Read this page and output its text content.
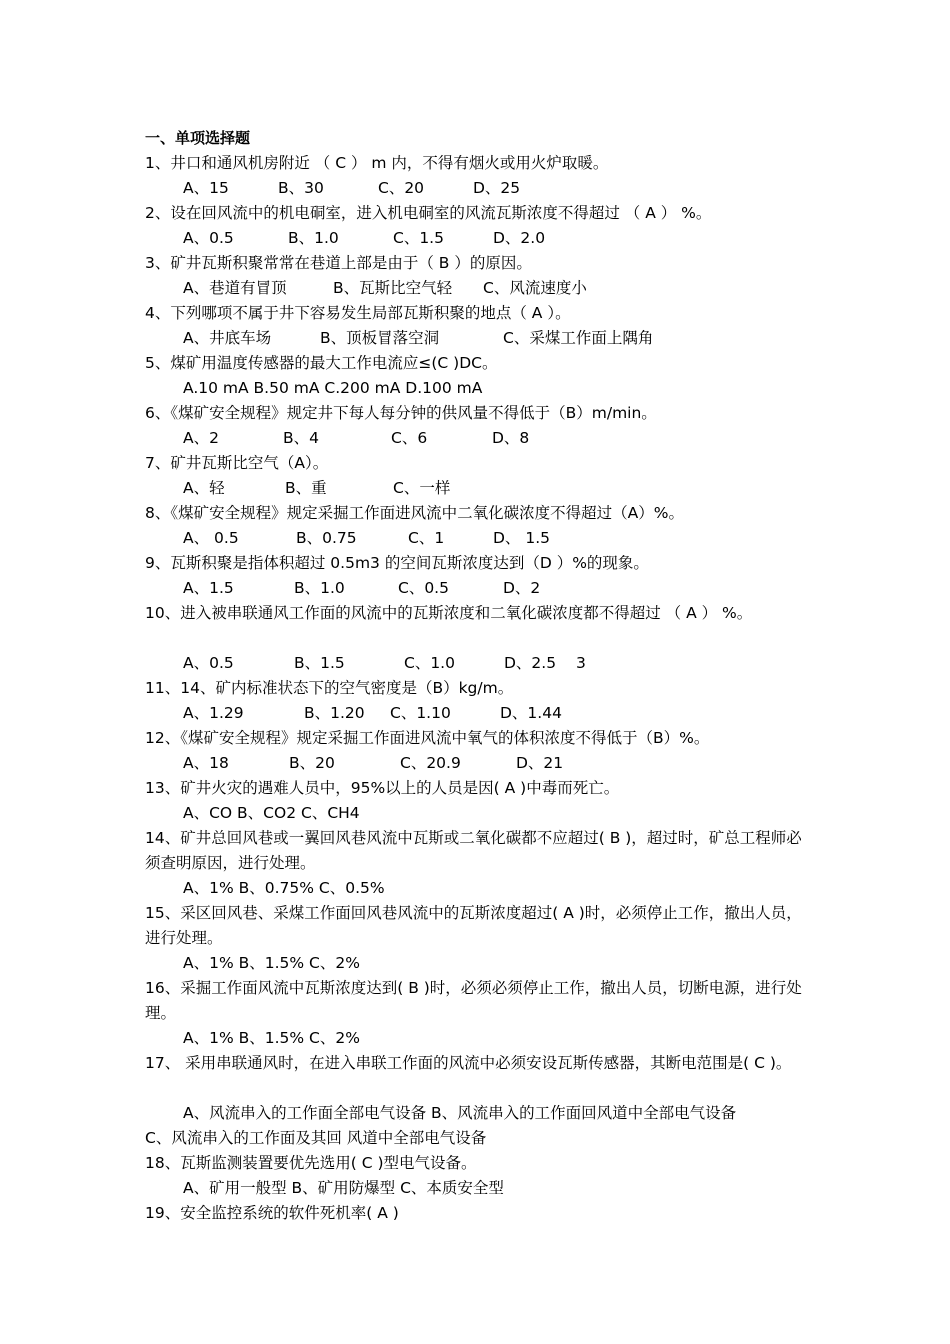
一、单项选择题
1、井口和通风机房附近 （ C ） m 内，不得有烟火或用火炉取暖。
A、15	B、30	C、20	D、25
2、设在回风流中的机电硐室，进入机电硐室的风流瓦斯浓度不得超过 （ A ） %。
A、0.5	B、1.0	C、1.5	D、2.0
3、矿井瓦斯积聚常常在巷道上部是由于（ B ）的原因。
A、巷道有冒顶	B、瓦斯比空气轻 C、风流速度小
4、下列哪项不属于井下容易发生局部瓦斯积聚的地点（ A ）。
A、井底车场	B、顶板冒落空洞	C、采煤工作面上隅角
5、煤矿用温度传感器的最大工作电流应≤(C )DC。
A.10 mA B.50 mA C.200 mA D.100 mA
6、《煤矿安全规程》规定井下每人每分钟的供风量不得低于（B）m/min。
A、2	B、4	C、6	D、8
7、矿井瓦斯比空气（A）。
A、轻	B、重	C、一样
8、《煤矿安全规程》规定采掘工作面进风流中二氧化碳浓度不得超过（A）%。
A、 0.5	B、0.75	C、1	D、 1.5
9、瓦斯积聚是指体积超过 0.5m3 的空间瓦斯浓度达到（D ）%的现象。
A、1.5	B、1.0	C、0.5	D、2
10、进入被串联通风工作面的风流中的瓦斯浓度和二氧化碳浓度都不得超过 （ A ） %。
A、0.5	B、1.5	C、1.0	D、2.5 3
11、14、矿内标准状态下的空气密度是（B）kg/m。
A、1.29	B、1.20 C、1.10	D、1.44
12、《煤矿安全规程》规定采掘工作面进风流中氧气的体积浓度不得低于（B）%。
A、18	B、20	C、20.9	D、21
13、矿井火灾的遇难人员中，95%以上的人员是因( A )中毒而死亡。
A、CO B、CO2 C、CH4
14、矿井总回风巷或一翼回风巷风流中瓦斯或二氧化碳都不应超过( B )，超过时，矿总工程师必须查明原因，进行处理。
A、1% B、0.75% C、0.5%
15、采区回风巷、采煤工作面回风巷风流中的瓦斯浓度超过( A )时，必须停止工作，撤出人员，进行处理。
A、1% B、1.5% C、2%
16、采掘工作面风流中瓦斯浓度达到( B )时，必须必须停止工作，撤出人员，切断电源，进行处理。
A、1% B、1.5% C、2%
17、 采用串联通风时，在进入串联工作面的风流中必须安设瓦斯传感器，其断电范围是( C )。
A、风流串入的工作面全部电气设备 B、风流串入的工作面回风道中全部电气设备
C、风流串入的工作面及其回 风道中全部电气设备
18、瓦斯监测装置要优先选用( C )型电气设备。
A、矿用一般型 B、矿用防爆型 C、本质安全型
19、安全监控系统的软件死机率( A )
